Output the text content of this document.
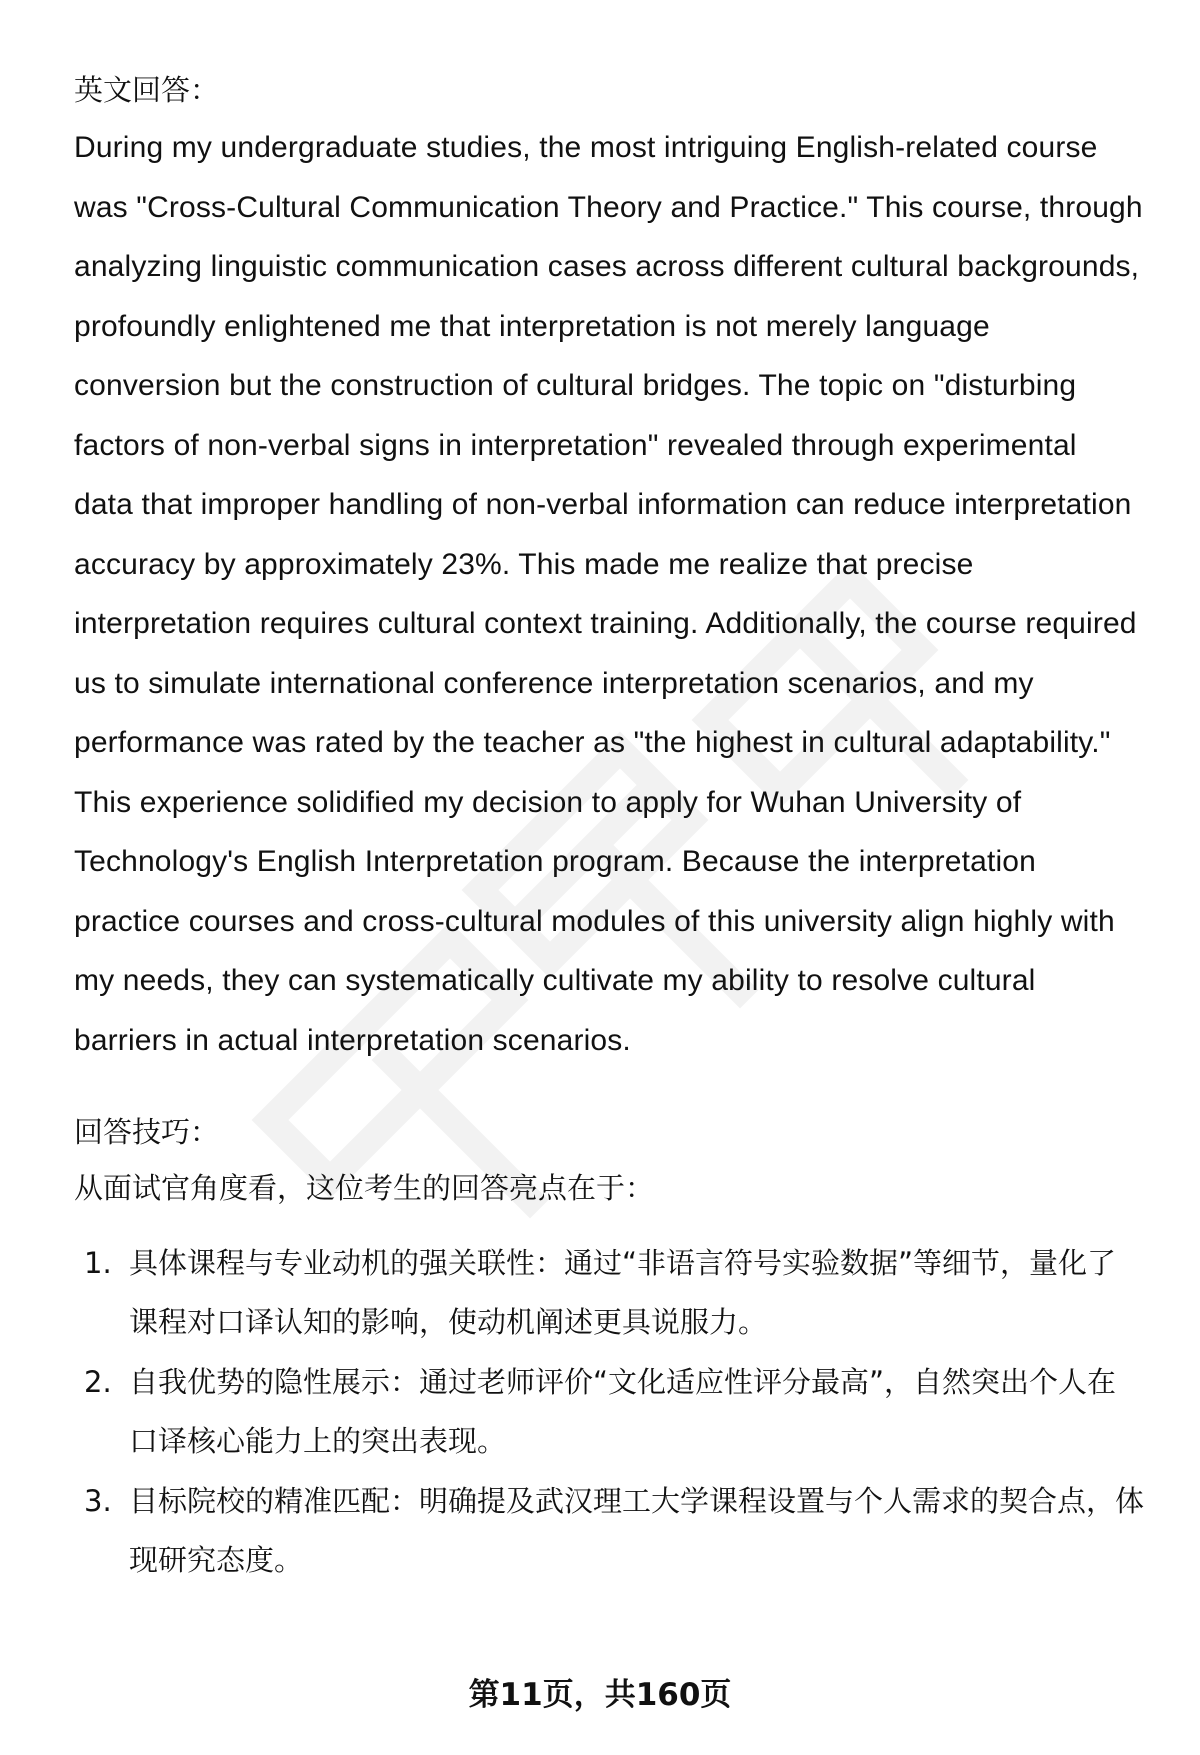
英文回答：

During my undergraduate studies, the most intriguing English-related course was "Cross-Cultural Communication Theory and Practice." This course, through analyzing linguistic communication cases across different cultural backgrounds, profoundly enlightened me that interpretation is not merely language conversion but the construction of cultural bridges. The topic on "disturbing factors of non-verbal signs in interpretation" revealed through experimental data that improper handling of non-verbal information can reduce interpretation accuracy by approximately 23%. This made me realize that precise interpretation requires cultural context training. Additionally, the course required us to simulate international conference interpretation scenarios, and my performance was rated by the teacher as "the highest in cultural adaptability." This experience solidified my decision to apply for Wuhan University of Technology's English Interpretation program. Because the interpretation practice courses and cross-cultural modules of this university align highly with my needs, they can systematically cultivate my ability to resolve cultural barriers in actual interpretation scenarios.

回答技巧：

从面试官角度看，这位考生的回答亮点在于：

1. 具体课程与专业动机的强关联性：通过“非语言符号实验数据”等细节，量化了课程对口译认知的影响，使动机阐述更具说服力。
2. 自我优势的隐性展示：通过老师评价“文化适应性评分最高”，自然突出个人在口译核心能力上的突出表现。
3. 目标院校的精准匹配：明确提及武汉理工大学课程设置与个人需求的契合点，体现研究态度。
第11页，共160页
